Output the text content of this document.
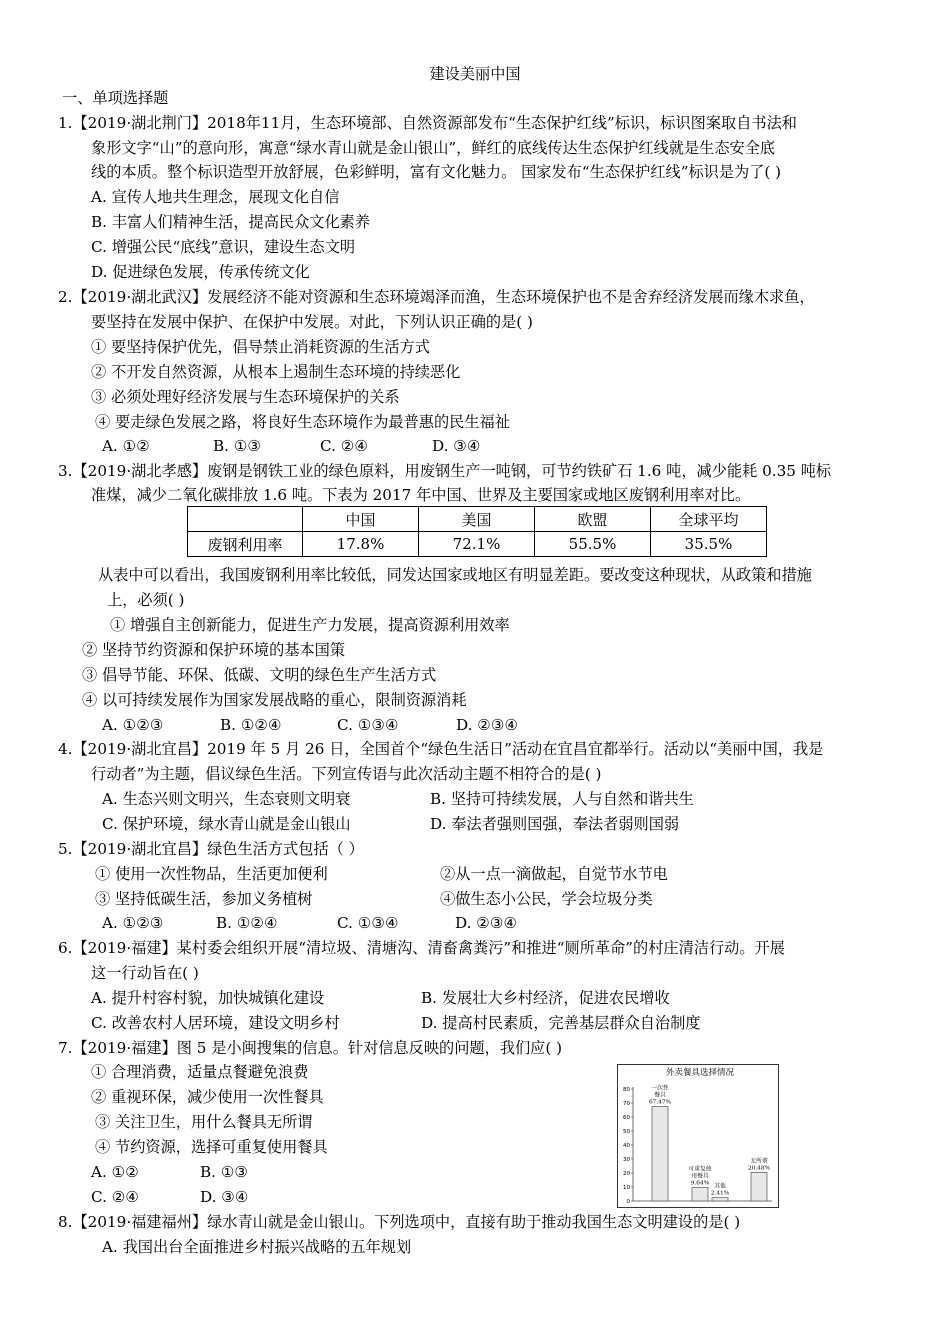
建设美丽中国
一、单项选择题
1.【2019·湖北荆门】2018年11月，生态环境部、自然资源部发布“生态保护红线”标识，标识图案取自书法和
象形文字“山”的意向形，寓意“绿水青山就是金山银山”，鲜红的底线传达生态保护红线就是生态安全底
线的本质。整个标识造型开放舒展，色彩鲜明，富有文化魅力。 国家发布“生态保护红线”标识是为了( )
A. 宣传人地共生理念，展现文化自信
B. 丰富人们精神生活，提高民众文化素养
C. 增强公民“底线”意识，建设生态文明
D. 促进绿色发展，传承传统文化
2.【2019·湖北武汉】发展经济不能对资源和生态环境竭泽而渔，生态环境保护也不是舍弃经济发展而缘木求鱼，
要坚持在发展中保护、在保护中发展。对此，下列认识正确的是( )
① 要坚持保护优先，倡导禁止消耗资源的生活方式
② 不开发自然资源，从根本上遏制生态环境的持续恶化
③ 必须处理好经济发展与生态环境保护的关系
④ 要走绿色发展之路，将良好生态环境作为最普惠的民生福祉
A. ①②	B. ①③	C. ②④	D. ③④
3.【2019·湖北孝感】废钢是钢铁工业的绿色原料，用废钢生产一吨钢，可节约铁矿石 1.6 吨，减少能耗 0.35 吨标
准煤，减少二氧化碳排放 1.6 吨。下表为 2017 年中国、世界及主要国家或地区废钢利用率对比。
	中国	美国	欧盟	全球平均
废钢利用率	17.8%	72.1%	55.5%	35.5%
从表中可以看出，我国废钢利用率比较低，同发达国家或地区有明显差距。要改变这种现状，从政策和措施
上，必须( )
① 增强自主创新能力，促进生产力发展，提高资源利用效率
② 坚持节约资源和保护环境的基本国策
③ 倡导节能、环保、低碳、文明的绿色生产生活方式
④ 以可持续发展作为国家发展战略的重心，限制资源消耗
A. ①②③	B. ①②④	C. ①③④	D. ②③④
4.【2019·湖北宜昌】2019 年 5 月 26 日，全国首个“绿色生活日”活动在宜昌宜都举行。活动以“美丽中国，我是
行动者”为主题，倡议绿色生活。下列宣传语与此次活动主题不相符合的是( )
A. 生态兴则文明兴，生态衰则文明衰	B. 坚持可持续发展，人与自然和谐共生
C. 保护环境，绿水青山就是金山银山	D. 奉法者强则国强，奉法者弱则国弱
5.【2019·湖北宜昌】绿色生活方式包括（ ）
① 使用一次性物品，生活更加便利	②从一点一滴做起，自觉节水节电
③ 坚持低碳生活，参加义务植树	④做生态小公民，学会垃圾分类
A. ①②③	B. ①②④	C. ①③④	D. ②③④
6.【2019·福建】某村委会组织开展“清垃圾、清塘沟、清畜禽粪污”和推进“厕所革命”的村庄清洁行动。开展
这一行动旨在( )
A. 提升村容村貌，加快城镇化建设	B. 发展壮大乡村经济，促进农民增收
C. 改善农村人居环境，建设文明乡村	D. 提高村民素质，完善基层群众自治制度
7.【2019·福建】图 5 是小闽搜集的信息。针对信息反映的问题，我们应( )
① 合理消费，适量点餐避免浪费
② 重视环保，减少使用一次性餐具
③ 关注卫生，用什么餐具无所谓
④ 节约资源，选择可重复使用餐具
A. ①②	B. ①③
C. ②④	D. ③④
外卖餐具选择情况
0
10
20
30
40
50
60
70
80	一次性
餐具
67.47%
可重复使
用餐具
9.64%
其他
2.41%
无所谓
20.48%
8.【2019·福建福州】绿水青山就是金山银山。下列选项中，直接有助于推动我国生态文明建设的是( )
A. 我国出台全面推进乡村振兴战略的五年规划
